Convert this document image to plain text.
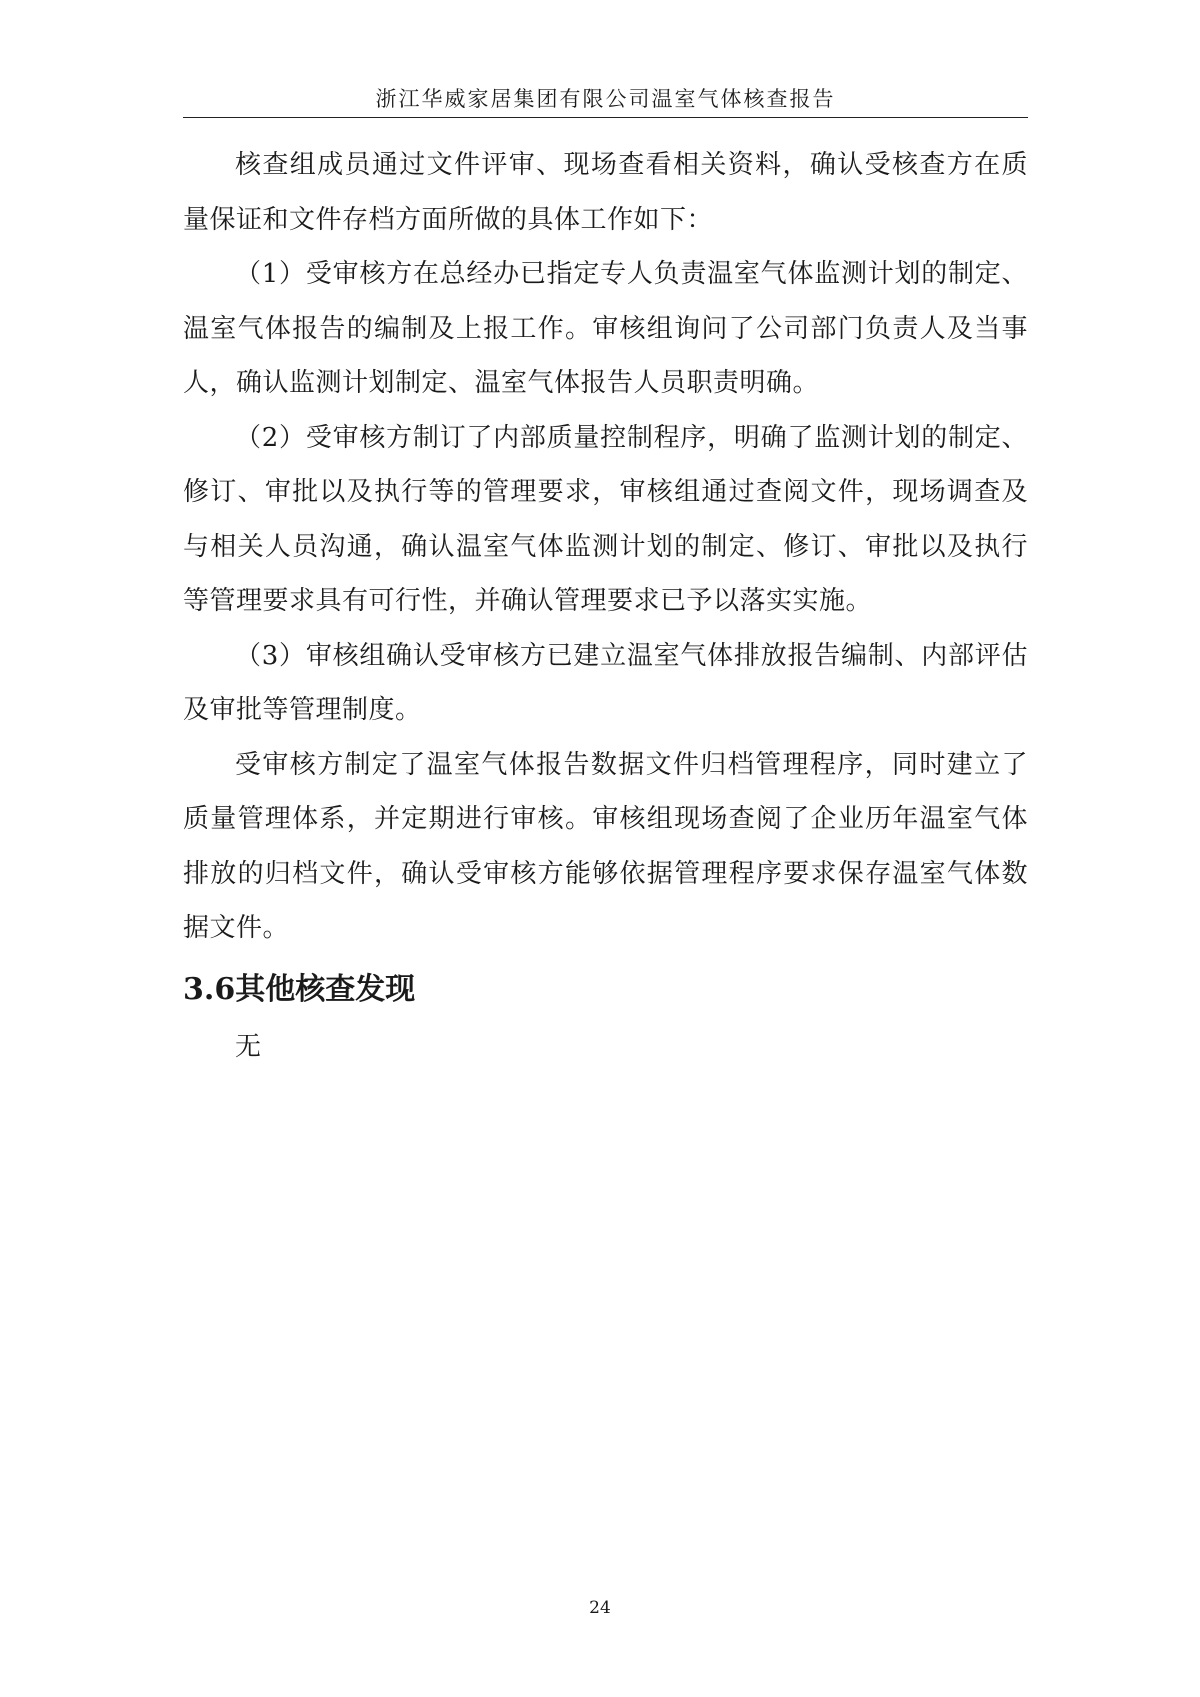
浙江华威家居集团有限公司温室气体核查报告

核查组成员通过文件评审、现场查看相关资料，确认受核查方在质量保证和文件存档方面所做的具体工作如下：

（1）受审核方在总经办已指定专人负责温室气体监测计划的制定、温室气体报告的编制及上报工作。审核组询问了公司部门负责人及当事人，确认监测计划制定、温室气体报告人员职责明确。

（2）受审核方制订了内部质量控制程序，明确了监测计划的制定、修订、审批以及执行等的管理要求，审核组通过查阅文件，现场调查及与相关人员沟通，确认温室气体监测计划的制定、修订、审批以及执行等管理要求具有可行性，并确认管理要求已予以落实实施。

（3）审核组确认受审核方已建立温室气体排放报告编制、内部评估及审批等管理制度。

受审核方制定了温室气体报告数据文件归档管理程序，同时建立了质量管理体系，并定期进行审核。审核组现场查阅了企业历年温室气体排放的归档文件，确认受审核方能够依据管理程序要求保存温室气体数据文件。

3.6其他核查发现

无

24
